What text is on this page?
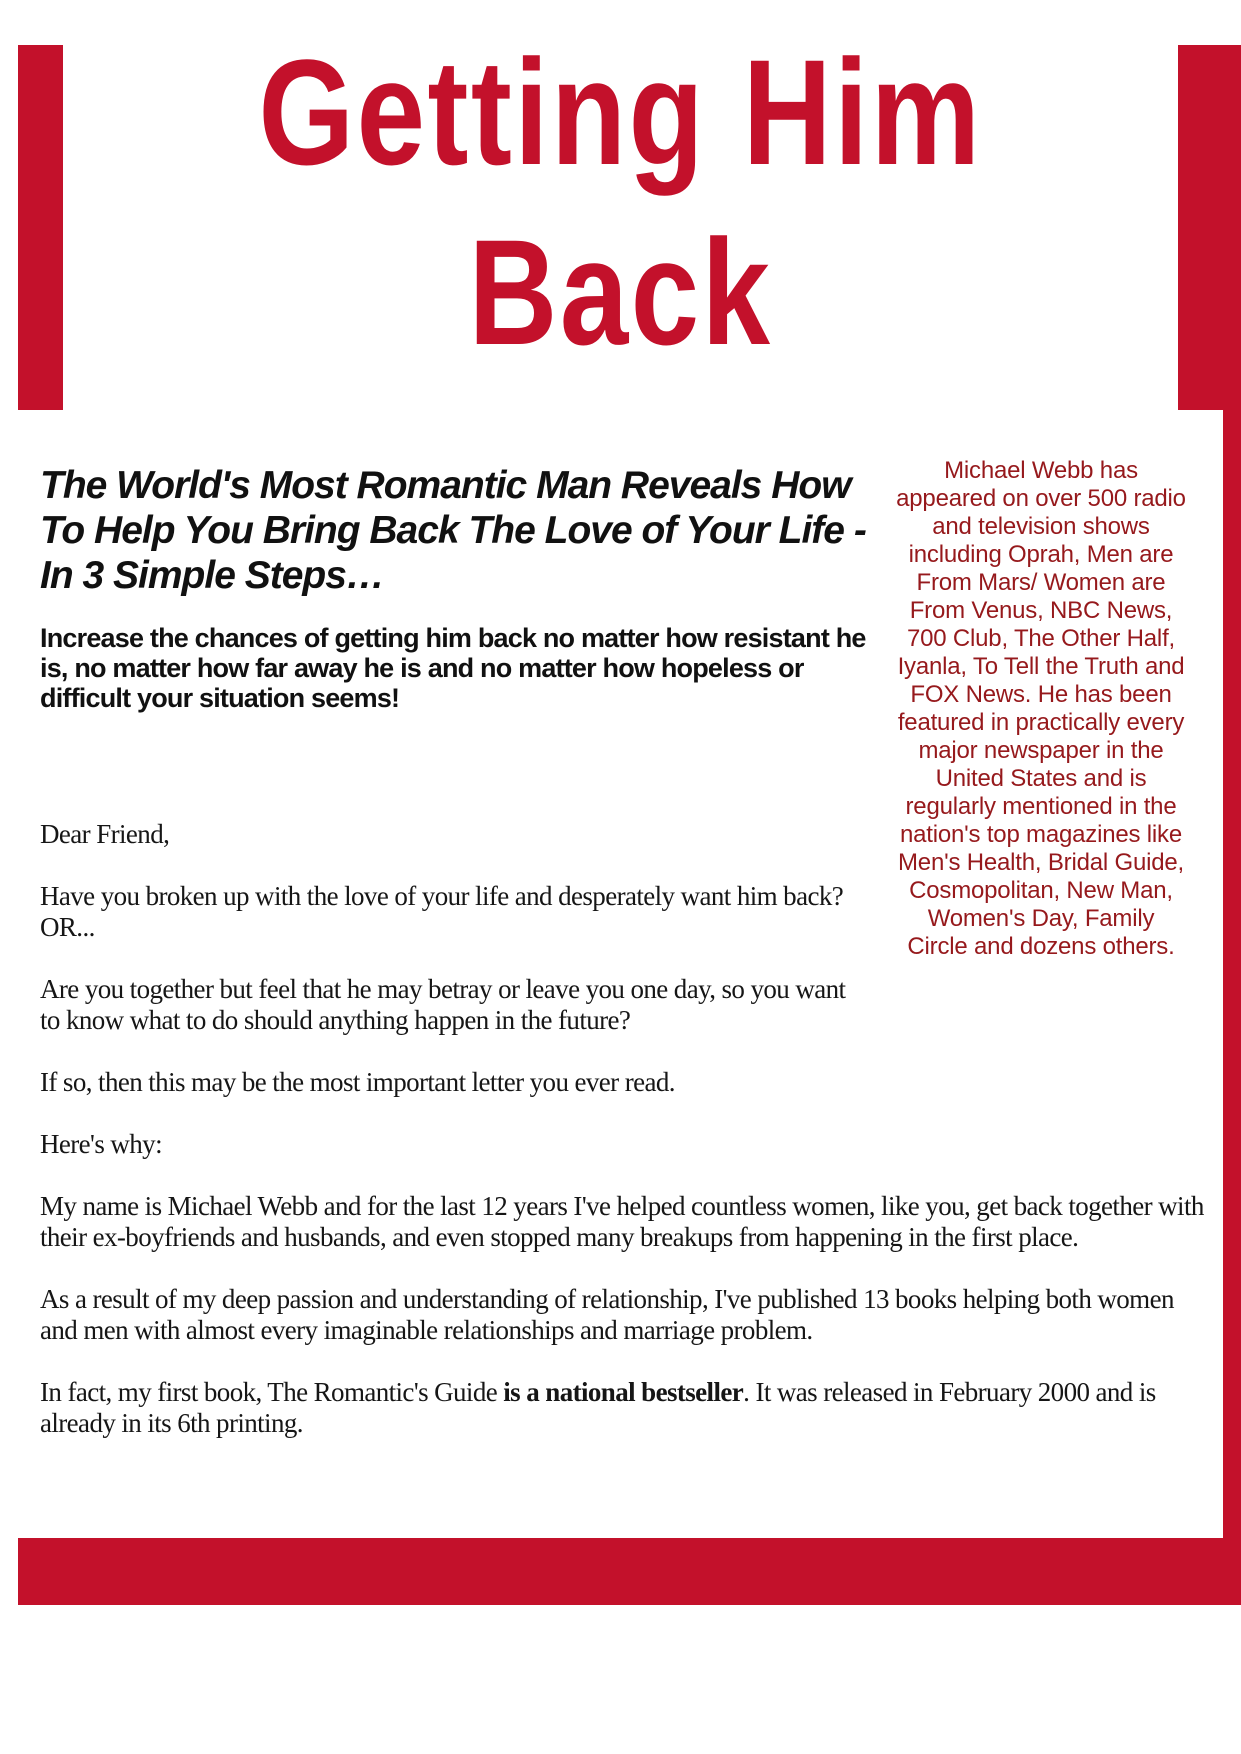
Getting Him
Back
Michael Webb has appeared on over 500 radio and television shows including Oprah, Men are From Mars/ Women are From Venus, NBC News, 700 Club, The Other Half, Iyanla, To Tell the Truth and FOX News. He has been featured in practically every major newspaper in the United States and is regularly mentioned in the nation's top magazines like Men's Health, Bridal Guide, Cosmopolitan, New Man, Women's Day, Family Circle and dozens others.
The World's Most Romantic Man Reveals How To Help You Bring Back The Love of Your Life - In 3 Simple Steps…
Increase the chances of getting him back no matter how resistant he is, no matter how far away he is and no matter how hopeless or difficult your situation seems!

Dear Friend,

Have you broken up with the love of your life and desperately want him back? OR...

Are you together but feel that he may betray or leave you one day, so you want to know what to do should anything happen in the future?

If so, then this may be the most important letter you ever read.

Here's why:

My name is Michael Webb and for the last 12 years I've helped countless women, like you, get back together with their ex-boyfriends and husbands, and even stopped many breakups from happening in the first place.

As a result of my deep passion and understanding of relationship, I've published 13 books helping both women and men with almost every imaginable relationships and marriage problem.

In fact, my first book, The Romantic's Guide is a national bestseller. It was released in February 2000 and is already in its 6th printing.
